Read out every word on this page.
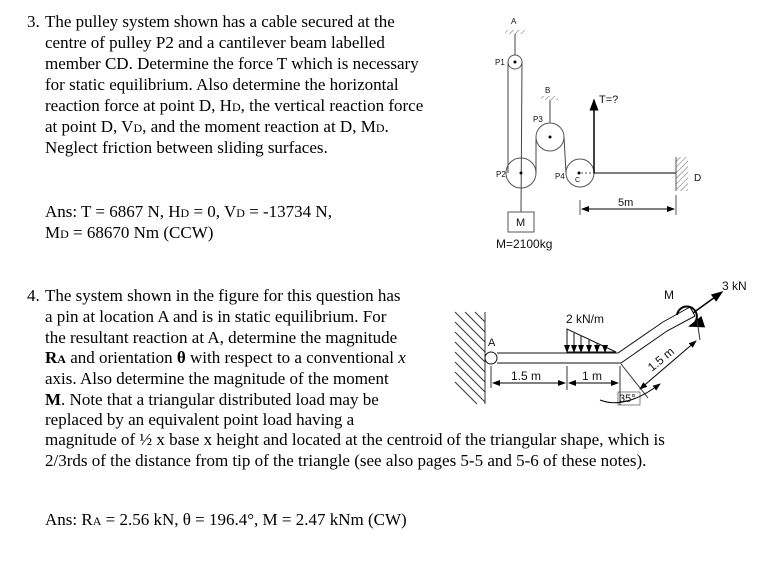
3. The pulley system shown has a cable secured at the
centre of pulley P2 and a cantilever beam labelled
member CD. Determine the force T which is necessary
for static equilibrium. Also determine the horizontal
reaction force at point D, HD, the vertical reaction force
at point D, VD, and the moment reaction at D, MD.
Neglect friction between sliding surfaces.
Ans: T = 6867 N, HD = 0, VD = -13734 N,
MD = 68670 Nm (CCW)
4. The system shown in the figure for this question has
a pin at location A and is in static equilibrium. For
the resultant reaction at A, determine the magnitude
RA and orientation θ with respect to a conventional x
axis. Also determine the magnitude of the moment
M. Note that a triangular distributed load may be
replaced by an equivalent point load having a
magnitude of ½ x base x height and located at the centroid of the triangular shape, which is
2/3rds of the distance from tip of the triangle (see also pages 5-5 and 5-6 of these notes).
Ans: RA = 2.56 kN, θ = 196.4°, M = 2.47 kNm (CW)
A
P1
P2
B
P3
P4 C
T=?
D
5m
M
M=2100kg
A
2 kN/m
M
3 kN
1.5 m	1 m
1.5 m
35°
